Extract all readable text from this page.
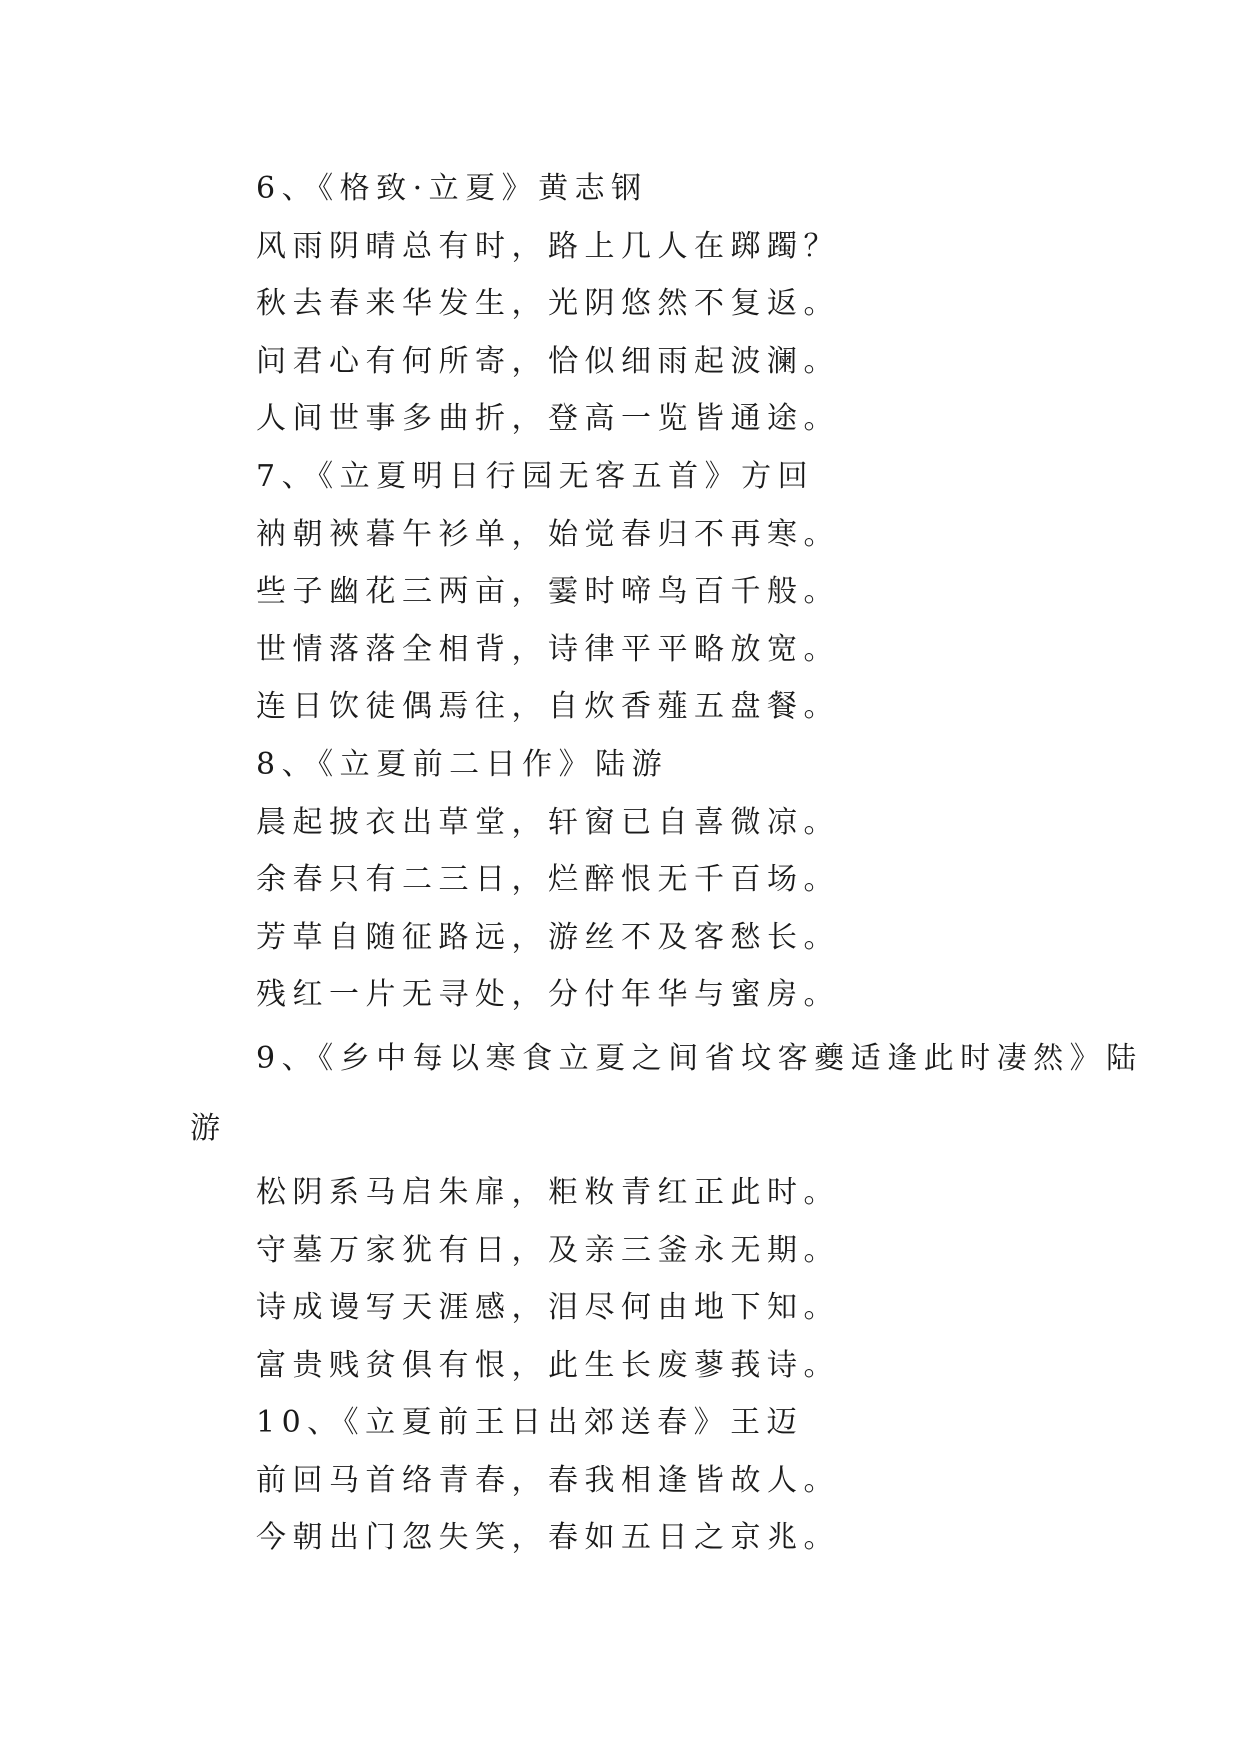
6、《格致·立夏》黄志钢
风雨阴晴总有时，路上几人在踯躅？
秋去春来华发生，光阴悠然不复返。
问君心有何所寄，恰似细雨起波澜。
人间世事多曲折，登高一览皆通途。
7、《立夏明日行园无客五首》方回
衲朝裌暮午衫单，始觉春归不再寒。
些子幽花三两亩，霎时啼鸟百千般。
世情落落全相背，诗律平平略放宽。
连日饮徒偶焉往，自炊香薤五盘餐。
8、《立夏前二日作》陆游
晨起披衣出草堂，轩窗已自喜微凉。
余春只有二三日，烂醉恨无千百场。
芳草自随征路远，游丝不及客愁长。
残红一片无寻处，分付年华与蜜房。
9、《乡中每以寒食立夏之间省坟客夔适逢此时凄然》陆
游
松阴系马启朱扉，粔籹青红正此时。
守墓万家犹有日，及亲三釜永无期。
诗成谩写天涯感，泪尽何由地下知。
富贵贱贫俱有恨，此生长废蓼莪诗。
10、《立夏前王日出郊送春》王迈
前回马首络青春，春我相逢皆故人。
今朝出门忽失笑，春如五日之京兆。
